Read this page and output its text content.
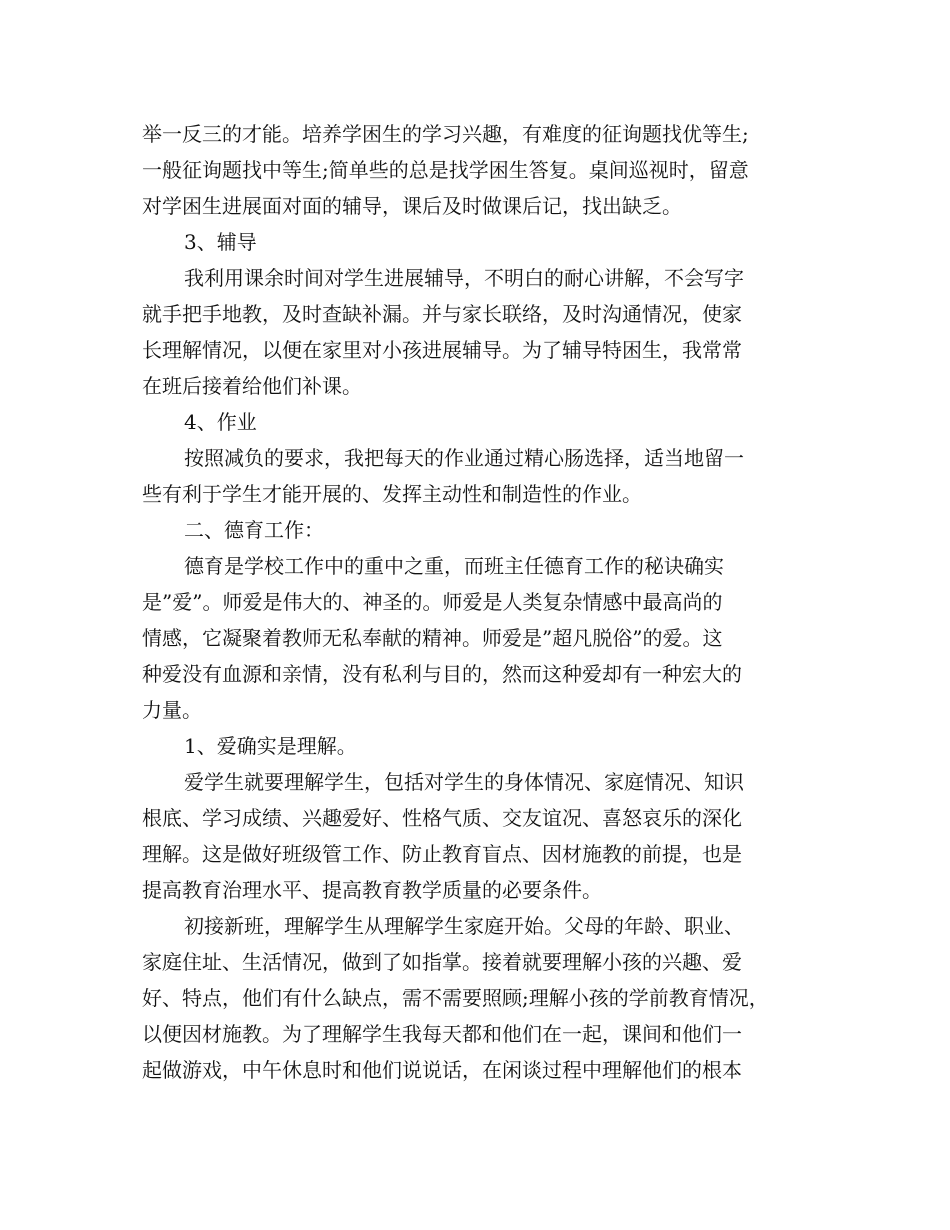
举一反三的才能。培养学困生的学习兴趣，有难度的征询题找优等生;
一般征询题找中等生;简单些的总是找学困生答复。桌间巡视时，留意
对学困生进展面对面的辅导，课后及时做课后记，找出缺乏。
3、辅导
我利用课余时间对学生进展辅导，不明白的耐心讲解，不会写字
就手把手地教，及时查缺补漏。并与家长联络，及时沟通情况，使家
长理解情况，以便在家里对小孩进展辅导。为了辅导特困生，我常常
在班后接着给他们补课。
4、作业
按照减负的要求，我把每天的作业通过精心肠选择，适当地留一
些有利于学生才能开展的、发挥主动性和制造性的作业。
二、德育工作：
德育是学校工作中的重中之重，而班主任德育工作的秘诀确实
是”爱”。师爱是伟大的、神圣的。师爱是人类复杂情感中最高尚的
情感，它凝聚着教师无私奉献的精神。师爱是”超凡脱俗”的爱。这
种爱没有血源和亲情，没有私利与目的，然而这种爱却有一种宏大的
力量。
1、爱确实是理解。
爱学生就要理解学生，包括对学生的身体情况、家庭情况、知识
根底、学习成绩、兴趣爱好、性格气质、交友谊况、喜怒哀乐的深化
理解。这是做好班级管工作、防止教育盲点、因材施教的前提，也是
提高教育治理水平、提高教育教学质量的必要条件。
初接新班，理解学生从理解学生家庭开始。父母的年龄、职业、
家庭住址、生活情况，做到了如指掌。接着就要理解小孩的兴趣、爱
好、特点，他们有什么缺点，需不需要照顾;理解小孩的学前教育情况，
以便因材施教。为了理解学生我每天都和他们在一起，课间和他们一
起做游戏，中午休息时和他们说说话，在闲谈过程中理解他们的根本
